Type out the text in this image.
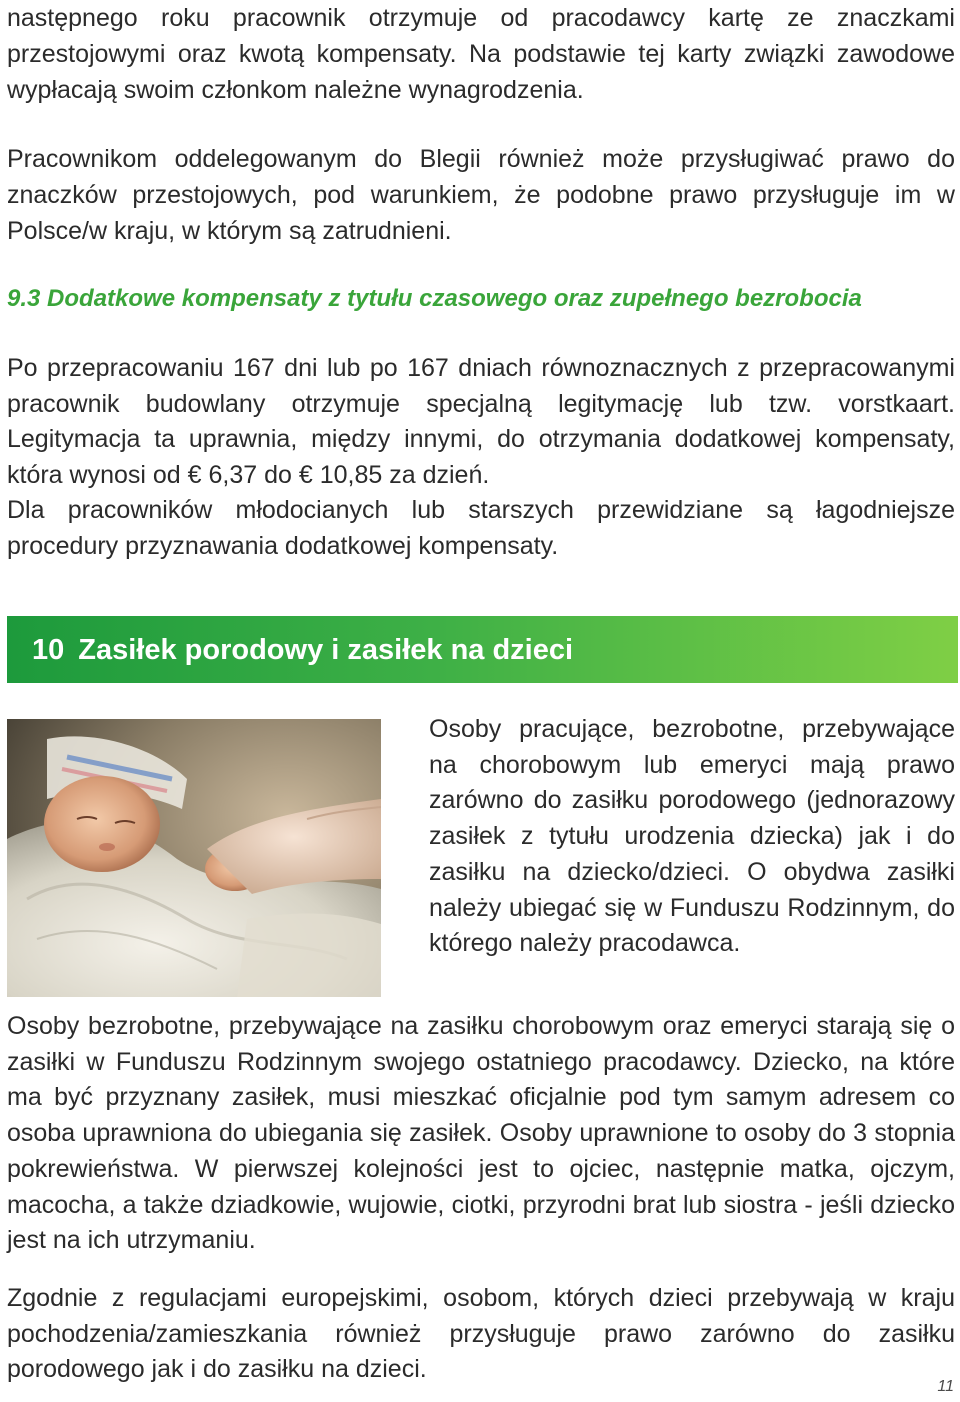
następnego roku pracownik otrzymuje od pracodawcy kartę ze znaczkami przestojowymi oraz kwotą kompensaty. Na podstawie tej karty związki zawodowe wypłacają swoim członkom należne wynagrodzenia.

Pracownikom oddelegowanym do Blegii również może przysługiwać prawo do znaczków przestojowych, pod warunkiem, że podobne prawo przysługuje im w Polsce/w kraju, w którym są zatrudnieni.

9.3 Dodatkowe kompensaty z tytułu czasowego oraz zupełnego bezrobocia

Po przepracowaniu 167 dni lub po 167 dniach równoznacznych z przepracowanymi pracownik budowlany otrzymuje specjalną legitymację lub tzw. vorstkaart. Legitymacja ta uprawnia, między innymi, do otrzymania dodatkowej kompensaty, która wynosi od € 6,37 do € 10,85 za dzień.
Dla pracowników młodocianych lub starszych przewidziane są łagodniejsze procedury przyznawania dodatkowej kompensaty.

10 Zasiłek porodowy i zasiłek na dzieci

Osoby pracujące, bezrobotne, przebywające na chorobowym lub emeryci mają prawo zarówno do zasiłku porodowego (jednorazowy zasiłek z tytułu urodzenia dziecka) jak i do zasiłku na dziecko/dzieci. O obydwa zasiłki należy ubiegać się w Funduszu Rodzinnym, do którego należy pracodawca.

Osoby bezrobotne, przebywające na zasiłku chorobowym oraz emeryci starają się o zasiłki w Funduszu Rodzinnym swojego ostatniego pracodawcy. Dziecko, na które ma być przyznany zasiłek, musi mieszkać oficjalnie pod tym samym adresem co osoba uprawniona do ubiegania się zasiłek. Osoby uprawnione to osoby do 3 stopnia pokrewieństwa. W pierwszej kolejności jest to ojciec, następnie matka, ojczym, macocha, a także dziadkowie, wujowie, ciotki, przyrodni brat lub siostra - jeśli dziecko jest na ich utrzymaniu.

Zgodnie z regulacjami europejskimi, osobom, których dzieci przebywają w kraju pochodzenia/zamieszkania również przysługuje prawo zarówno do zasiłku porodowego jak i do zasiłku na dzieci.

11
